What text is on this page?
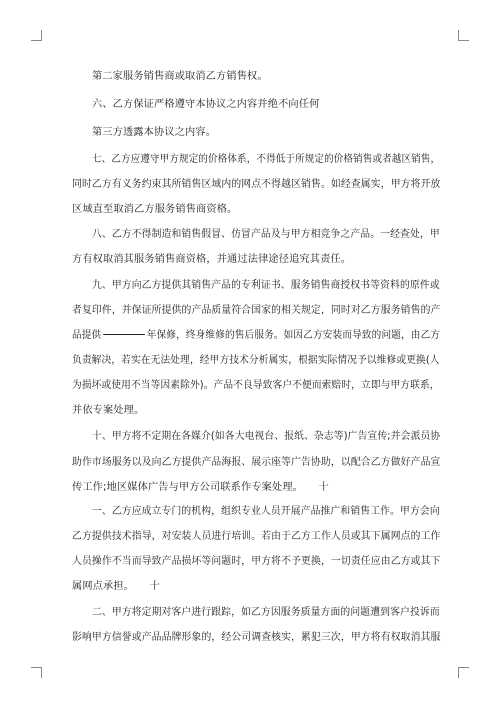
第二家服务销售商或取消乙方销售权。
六、乙方保证严格遵守本协议之内容并绝不向任何
第三方透露本协议之内容。
七、乙方应遵守甲方规定的价格体系，不得低于所规定的价格销售或者越区销售，
同时乙方有义务约束其所销售区域内的网点不得越区销售。如经查属实，甲方将开放
区域直至取消乙方服务销售商资格。
八、乙方不得制造和销售假冒、仿冒产品及与甲方相竞争之产品。一经查处，甲
方有权取消其服务销售商资格，并通过法律途径追究其责任。
九、甲方向乙方提供其销售产品的专利证书、服务销售商授权书等资料的原件或
者复印件，并保证所提供的产品质量符合国家的相关规定，同时对乙方服务销售的产
品提供	年保修，终身维修的售后服务。如因乙方安装而导致的问题，由乙方
负责解决，若实在无法处理，经甲方技术分析属实，根据实际情况予以维修或更换(人
为损坏或使用不当等因素除外)。产品不良导致客户不便而索赔时，立即与甲方联系，
并依专案处理。
十、甲方将不定期在各媒介(如各大电视台、报纸、杂志等)广告宣传;并会派员协
助作市场服务以及向乙方提供产品海报、展示座等广告协助，以配合乙方做好产品宣
传工作;地区媒体广告与甲方公司联系作专案处理。　　十
一、乙方应成立专门的机构，组织专业人员开展产品推广和销售工作。甲方会向
乙方提供技术指导，对安装人员进行培训。若由于乙方工作人员或其下属网点的工作
人员操作不当而导致产品损坏等问题时，甲方将不予更换，一切责任应由乙方或其下
属网点承担。　　十
二、甲方将定期对客户进行跟踪，如乙方因服务质量方面的问题遭到客户投诉而
影响甲方信誉或产品品牌形象的，经公司调查核实，累犯三次，甲方将有权取消其服
